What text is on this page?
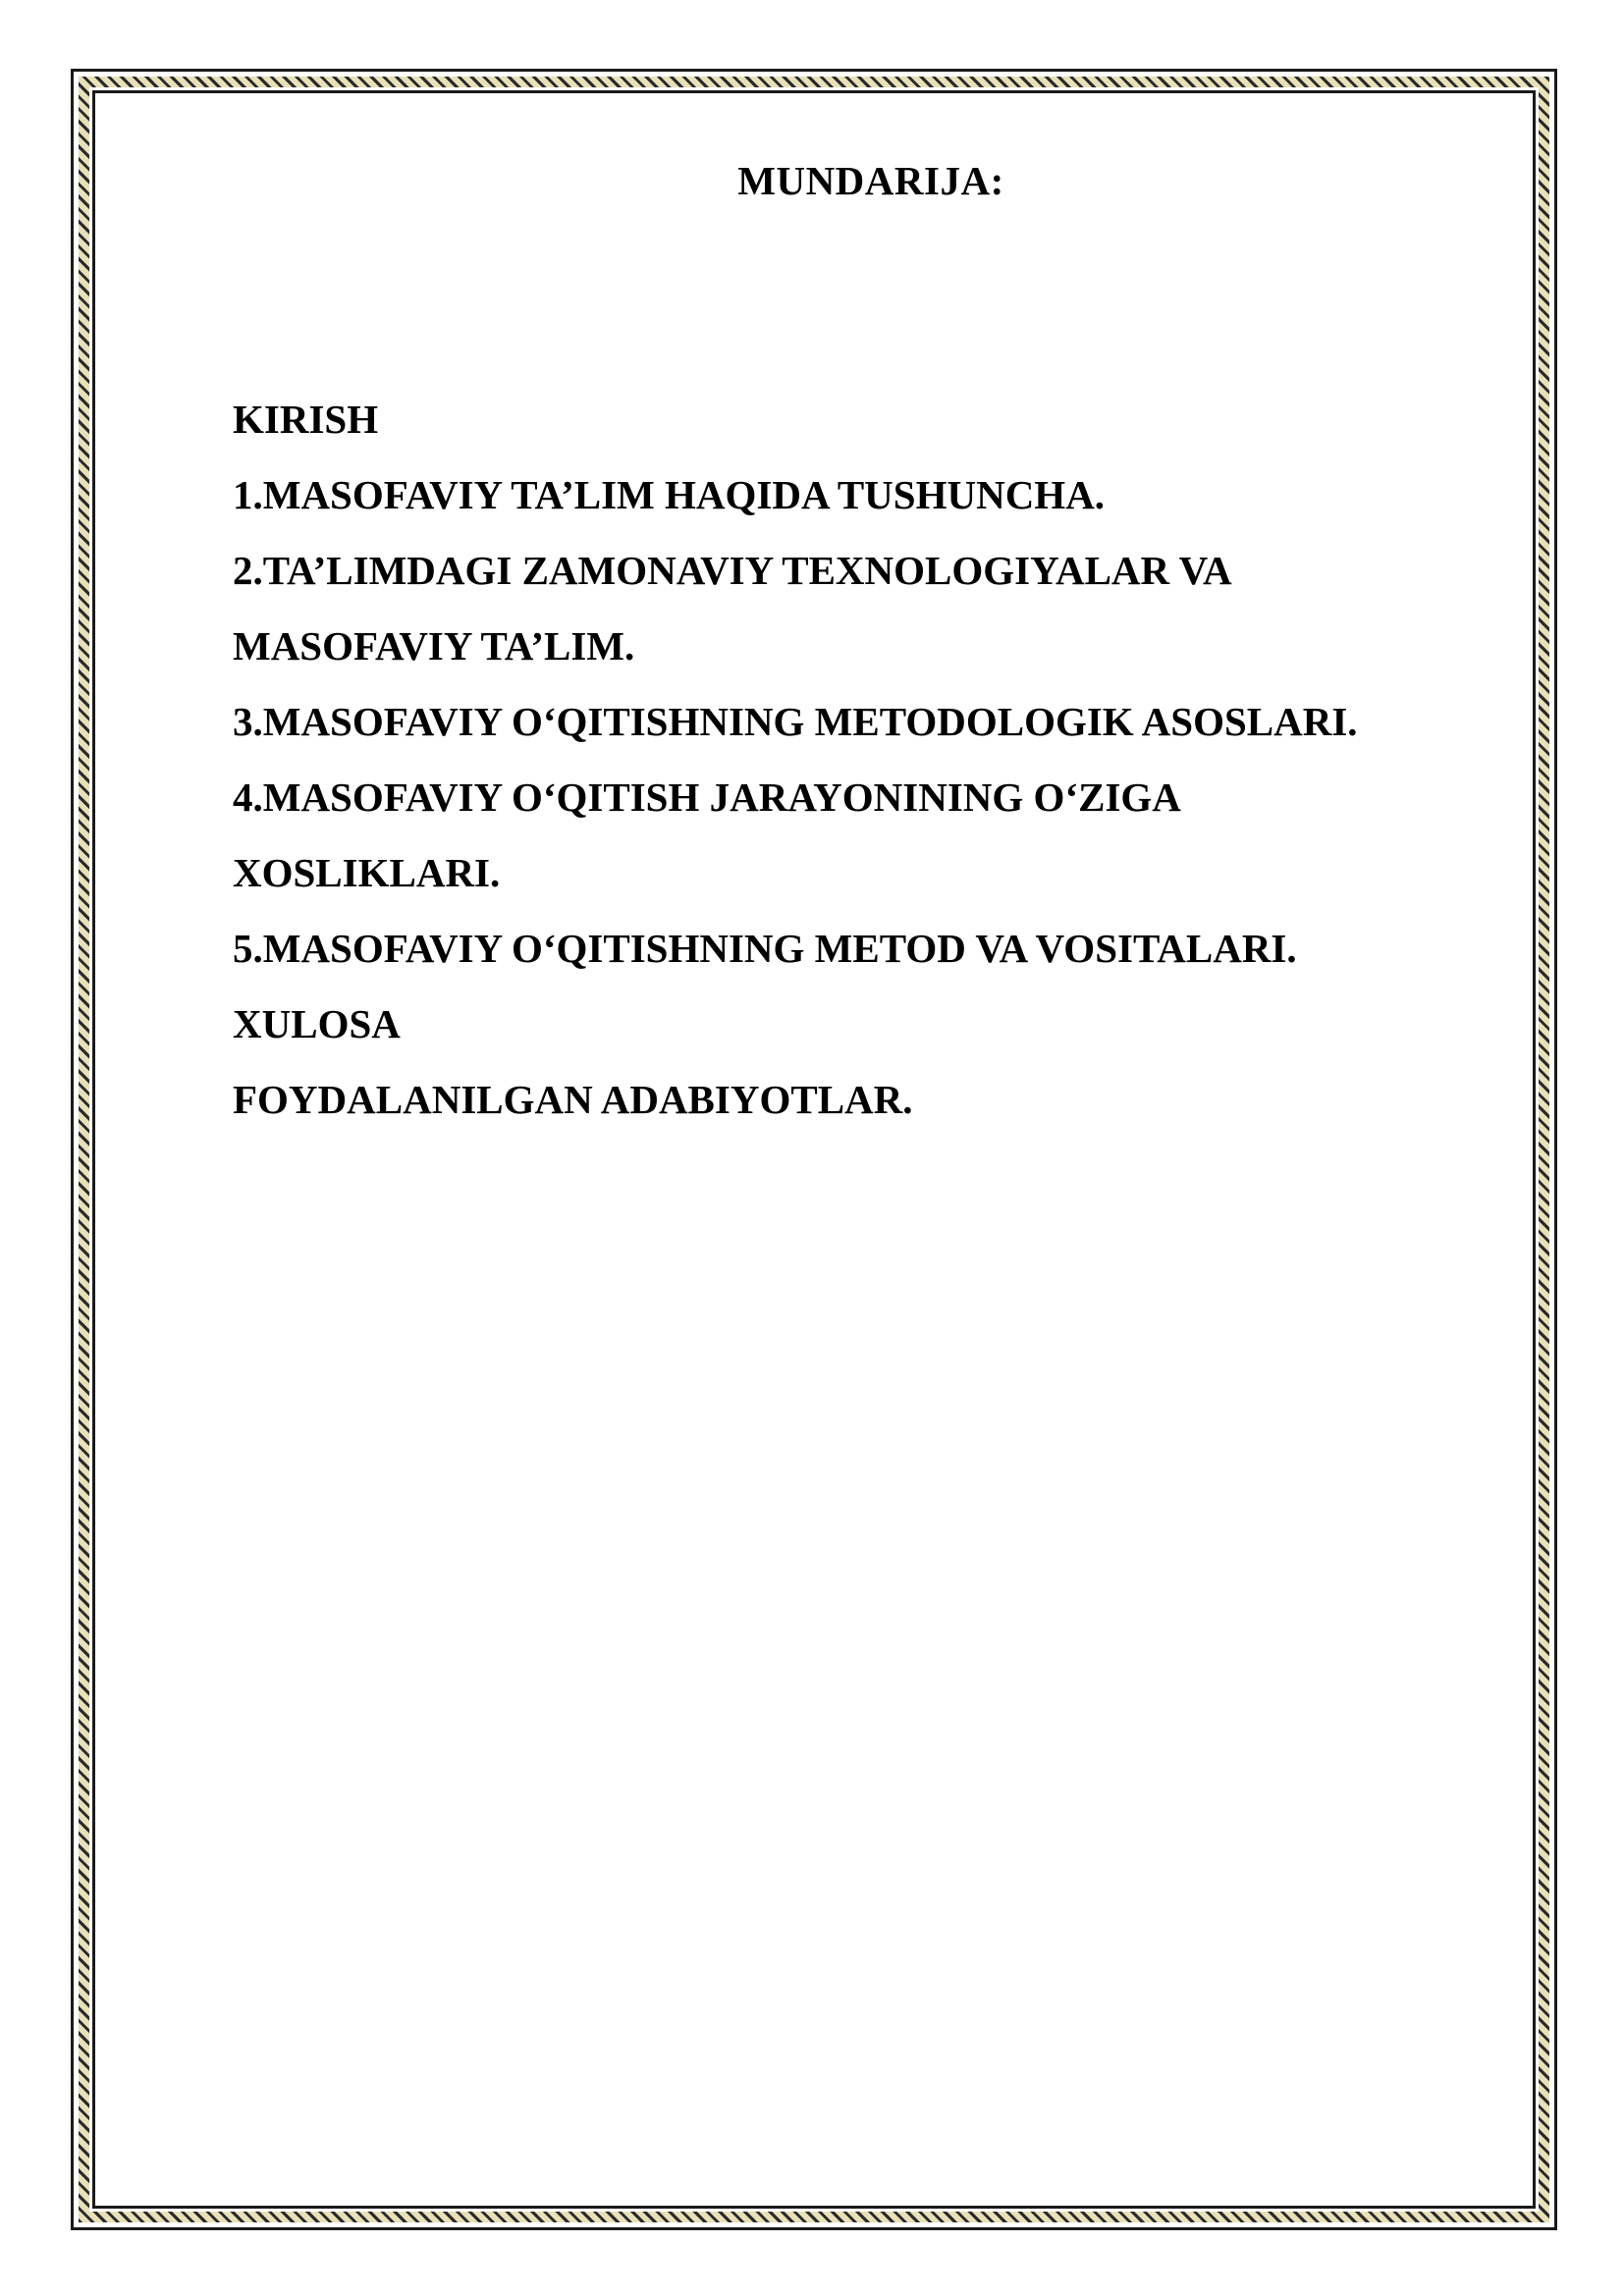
MUNDARIJA:
KIRISH
1.MASOFAVIY TA’LIM HAQIDA TUSHUNCHA.
2.TA’LIMDAGI ZAMONAVIY TEXNOLOGIYALAR VA
MASOFAVIY TA’LIM.
3.MASOFAVIY O‘QITISHNING METODOLOGIK ASOSLARI.
4.MASOFAVIY O‘QITISH JARAYONINING O‘ZIGA
XOSLIKLARI.
5.MASOFAVIY O‘QITISHNING METOD VA VOSITALARI.
XULOSA
FOYDALANILGAN ADABIYOTLAR.
